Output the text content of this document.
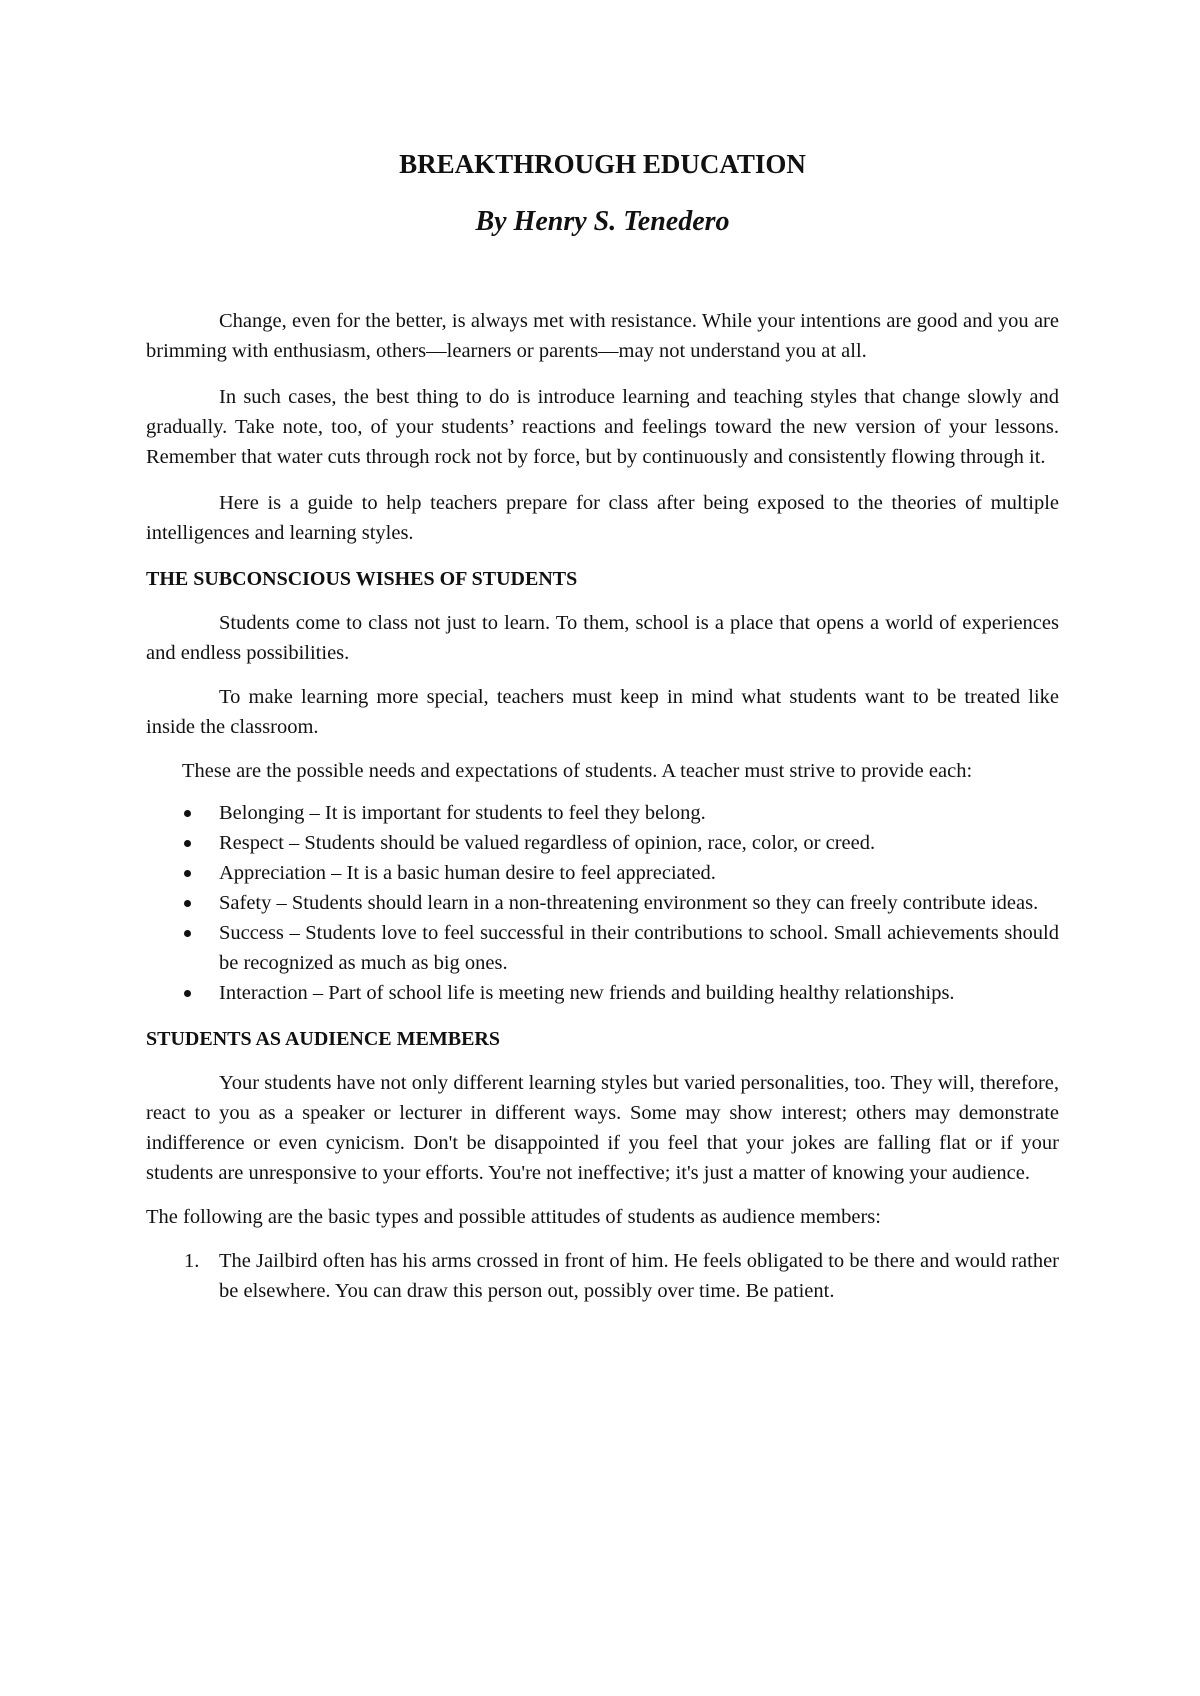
BREAKTHROUGH EDUCATION
By Henry S. Tenedero

Change, even for the better, is always met with resistance. While your intentions are good and you are brimming with enthusiasm, others—learners or parents—may not understand you at all.

In such cases, the best thing to do is introduce learning and teaching styles that change slowly and gradually. Take note, too, of your students’ reactions and feelings toward the new version of your lessons. Remember that water cuts through rock not by force, but by continuously and consistently flowing through it.

Here is a guide to help teachers prepare for class after being exposed to the theories of multiple intelligences and learning styles.

THE SUBCONSCIOUS WISHES OF STUDENTS

Students come to class not just to learn. To them, school is a place that opens a world of experiences and endless possibilities.

To make learning more special, teachers must keep in mind what students want to be treated like inside the classroom.

These are the possible needs and expectations of students. A teacher must strive to provide each:

Belonging – It is important for students to feel they belong.
Respect – Students should be valued regardless of opinion, race, color, or creed.
Appreciation – It is a basic human desire to feel appreciated.
Safety – Students should learn in a non-threatening environment so they can freely contribute ideas.
Success – Students love to feel successful in their contributions to school. Small achievements should be recognized as much as big ones.
Interaction – Part of school life is meeting new friends and building healthy relationships.
STUDENTS AS AUDIENCE MEMBERS

Your students have not only different learning styles but varied personalities, too. They will, therefore, react to you as a speaker or lecturer in different ways. Some may show interest; others may demonstrate indifference or even cynicism. Don't be disappointed if you feel that your jokes are falling flat or if your students are unresponsive to your efforts. You're not ineffective; it's just a matter of knowing your audience.

The following are the basic types and possible attitudes of students as audience members:

1. The Jailbird often has his arms crossed in front of him. He feels obligated to be there and would rather be elsewhere. You can draw this person out, possibly over time. Be patient.
